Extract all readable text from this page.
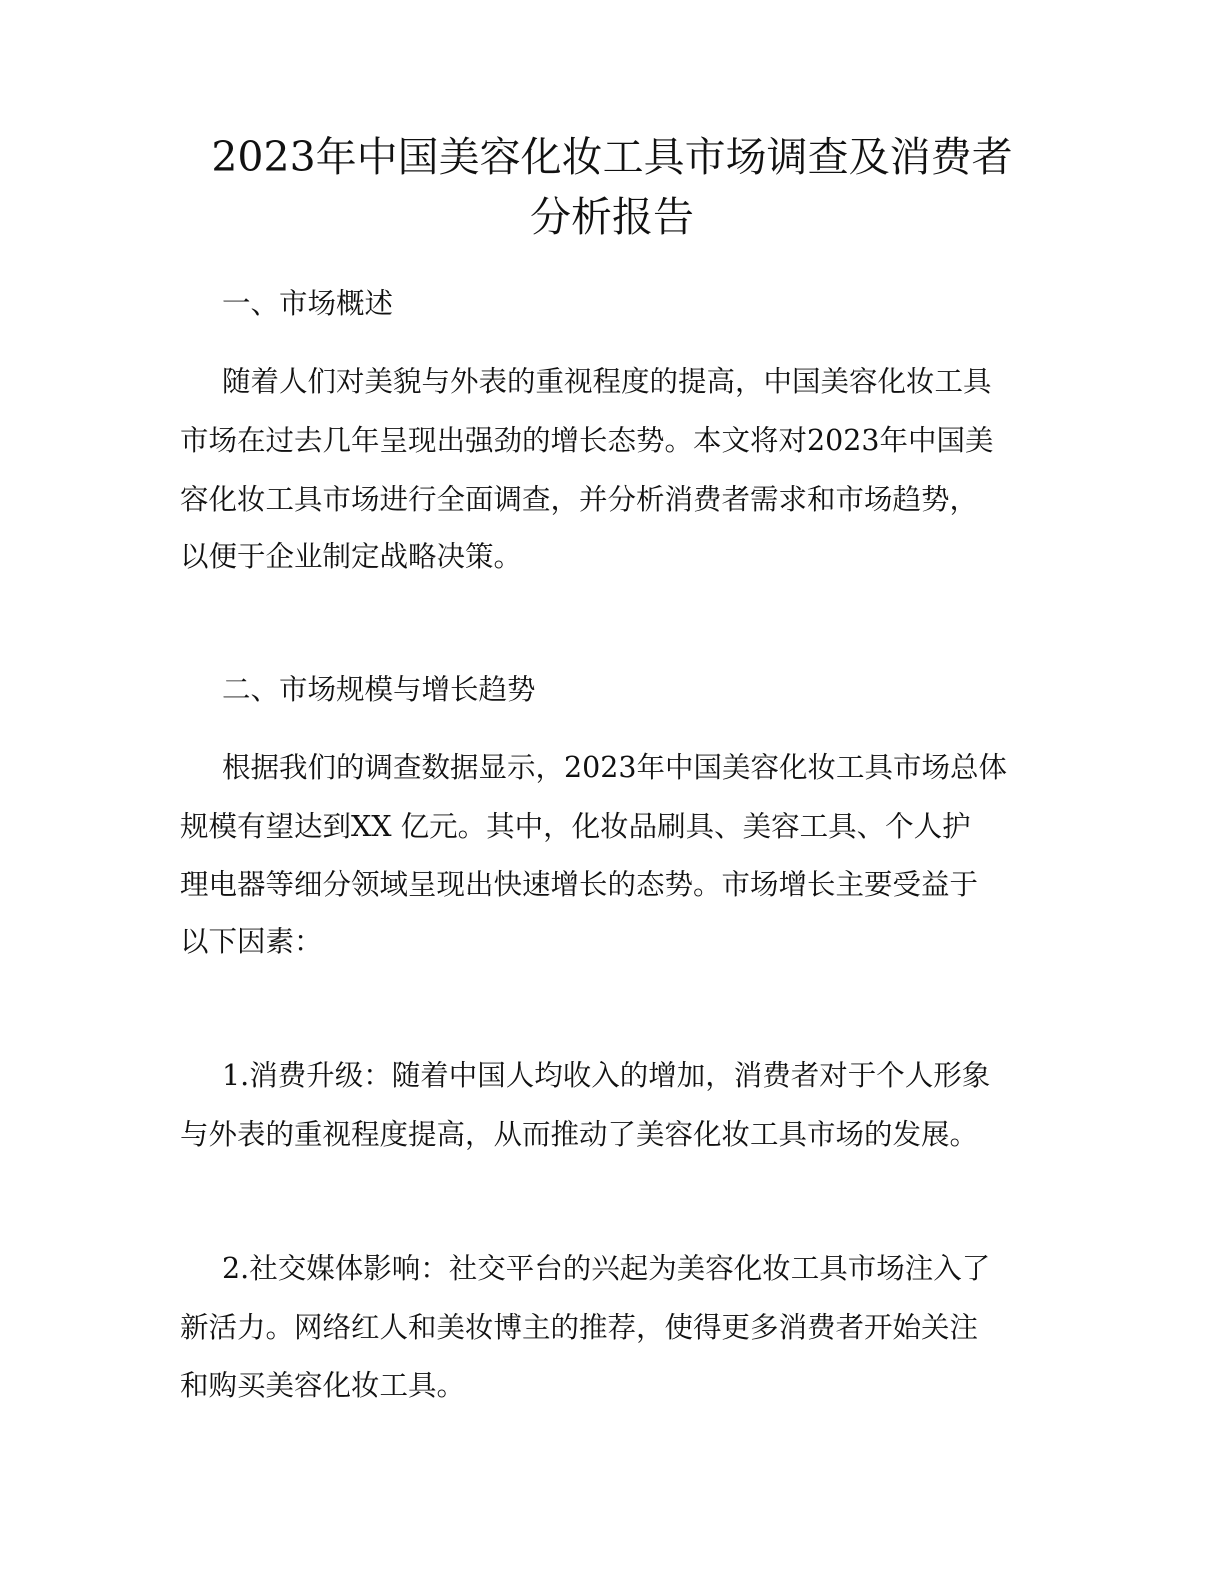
2023年中国美容化妆工具市场调查及消费者
分析报告

一、市场概述

随着人们对美貌与外表的重视程度的提高，中国美容化妆工具

市场在过去几年呈现出强劲的增长态势。本文将对2023年中国美

容化妆工具市场进行全面调查，并分析消费者需求和市场趋势，

以便于企业制定战略决策。

二、市场规模与增长趋势

根据我们的调查数据显示，2023年中国美容化妆工具市场总体

规模有望达到XX 亿元。其中，化妆品刷具、美容工具、个人护

理电器等细分领域呈现出快速增长的态势。市场增长主要受益于

以下因素：

1.消费升级：随着中国人均收入的增加，消费者对于个人形象

与外表的重视程度提高，从而推动了美容化妆工具市场的发展。

2.社交媒体影响：社交平台的兴起为美容化妆工具市场注入了

新活力。网络红人和美妆博主的推荐，使得更多消费者开始关注

和购买美容化妆工具。
